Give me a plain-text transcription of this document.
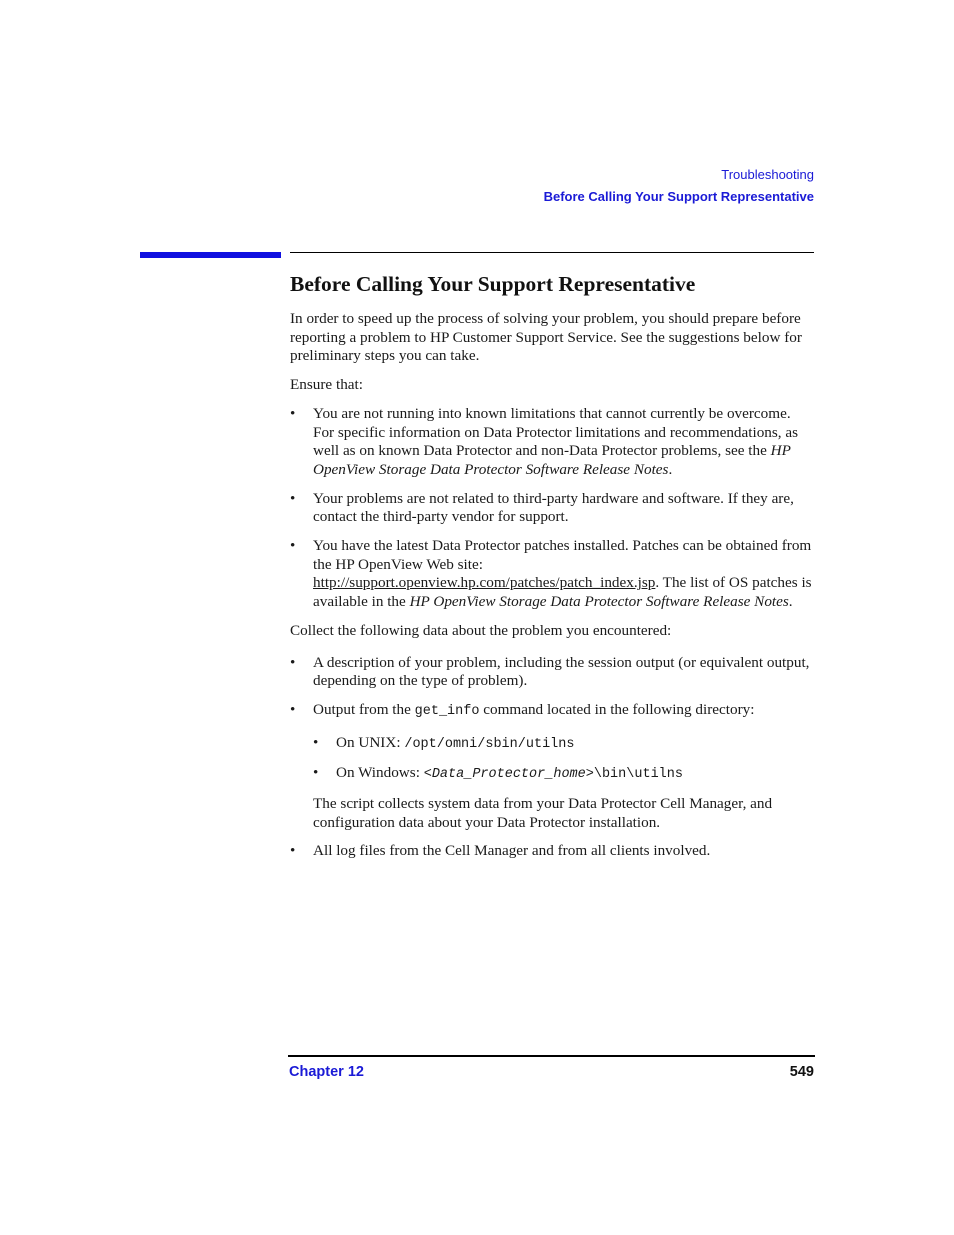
Troubleshooting
Before Calling Your Support Representative
Before Calling Your Support Representative

In order to speed up the process of solving your problem, you should prepare before reporting a problem to HP Customer Support Service. See the suggestions below for preliminary steps you can take.

Ensure that:

• You are not running into known limitations that cannot currently be overcome. For specific information on Data Protector limitations and recommendations, as well as on known Data Protector and non-Data Protector problems, see the HP OpenView Storage Data Protector Software Release Notes.
• Your problems are not related to third-party hardware and software. If they are, contact the third-party vendor for support.
• You have the latest Data Protector patches installed. Patches can be obtained from the HP OpenView Web site: http://support.openview.hp.com/patches/patch_index.jsp. The list of OS patches is available in the HP OpenView Storage Data Protector Software Release Notes.

Collect the following data about the problem you encountered:

• A description of your problem, including the session output (or equivalent output, depending on the type of problem).
• Output from the get_info command located in the following directory:
• On UNIX: /opt/omni/sbin/utilns
• On Windows: <Data_Protector_home>\bin\utilns

The script collects system data from your Data Protector Cell Manager, and configuration data about your Data Protector installation.

• All log files from the Cell Manager and from all clients involved.
Chapter 12	549
